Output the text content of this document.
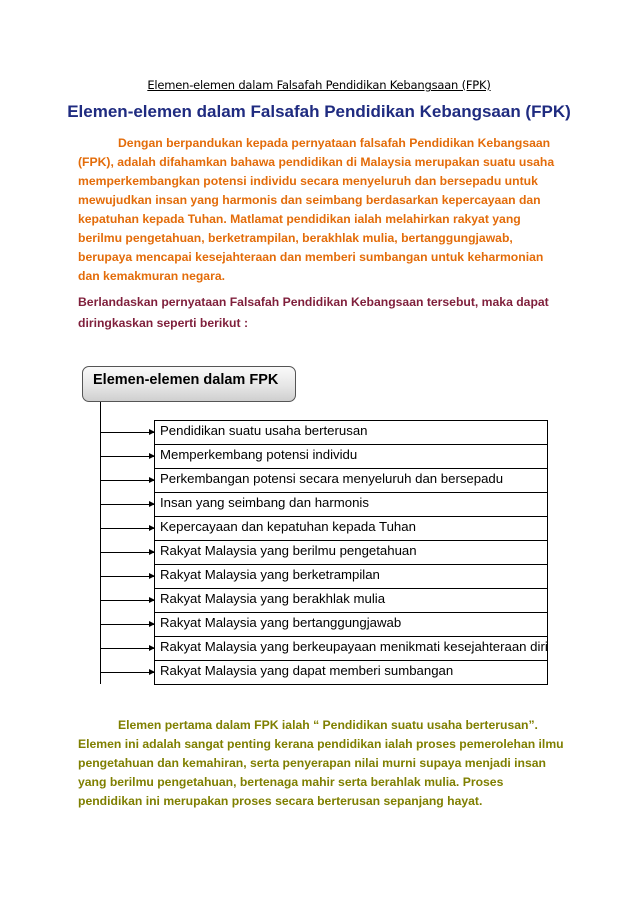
Elemen-elemen dalam Falsafah Pendidikan Kebangsaan (FPK)
Elemen-elemen dalam Falsafah Pendidikan Kebangsaan (FPK)

Dengan berpandukan kepada pernyataan falsafah Pendidikan Kebangsaan (FPK), adalah difahamkan bahawa pendidikan di Malaysia merupakan suatu usaha memperkembangkan potensi individu secara menyeluruh dan bersepadu untuk mewujudkan insan yang harmonis dan seimbang berdasarkan kepercayaan dan kepatuhan kepada Tuhan. Matlamat pendidikan ialah melahirkan rakyat yang berilmu pengetahuan, berketrampilan, berakhlak mulia, bertanggungjawab, berupaya mencapai kesejahteraan dan memberi sumbangan untuk keharmonian dan kemakmuran negara.

Berlandaskan pernyataan Falsafah Pendidikan Kebangsaan tersebut, maka dapat diringkaskan seperti berikut :

Elemen-elemen dalam FPK
Pendidikan suatu usaha berterusan
Memperkembang potensi individu
Perkembangan potensi secara menyeluruh dan bersepadu
Insan yang seimbang dan harmonis
Kepercayaan dan kepatuhan kepada Tuhan
Rakyat Malaysia yang berilmu pengetahuan
Rakyat Malaysia yang berketrampilan
Rakyat Malaysia yang berakhlak mulia
Rakyat Malaysia yang bertanggungjawab
Rakyat Malaysia yang berkeupayaan menikmati kesejahteraan diri
Rakyat Malaysia yang dapat memberi sumbangan

Elemen pertama dalam FPK ialah “ Pendidikan suatu usaha berterusan”. Elemen ini adalah sangat penting kerana pendidikan ialah proses pemerolehan ilmu pengetahuan dan kemahiran, serta penyerapan nilai murni supaya menjadi insan yang berilmu pengetahuan, bertenaga mahir serta berahlak mulia. Proses pendidikan ini merupakan proses secara berterusan sepanjang hayat.
